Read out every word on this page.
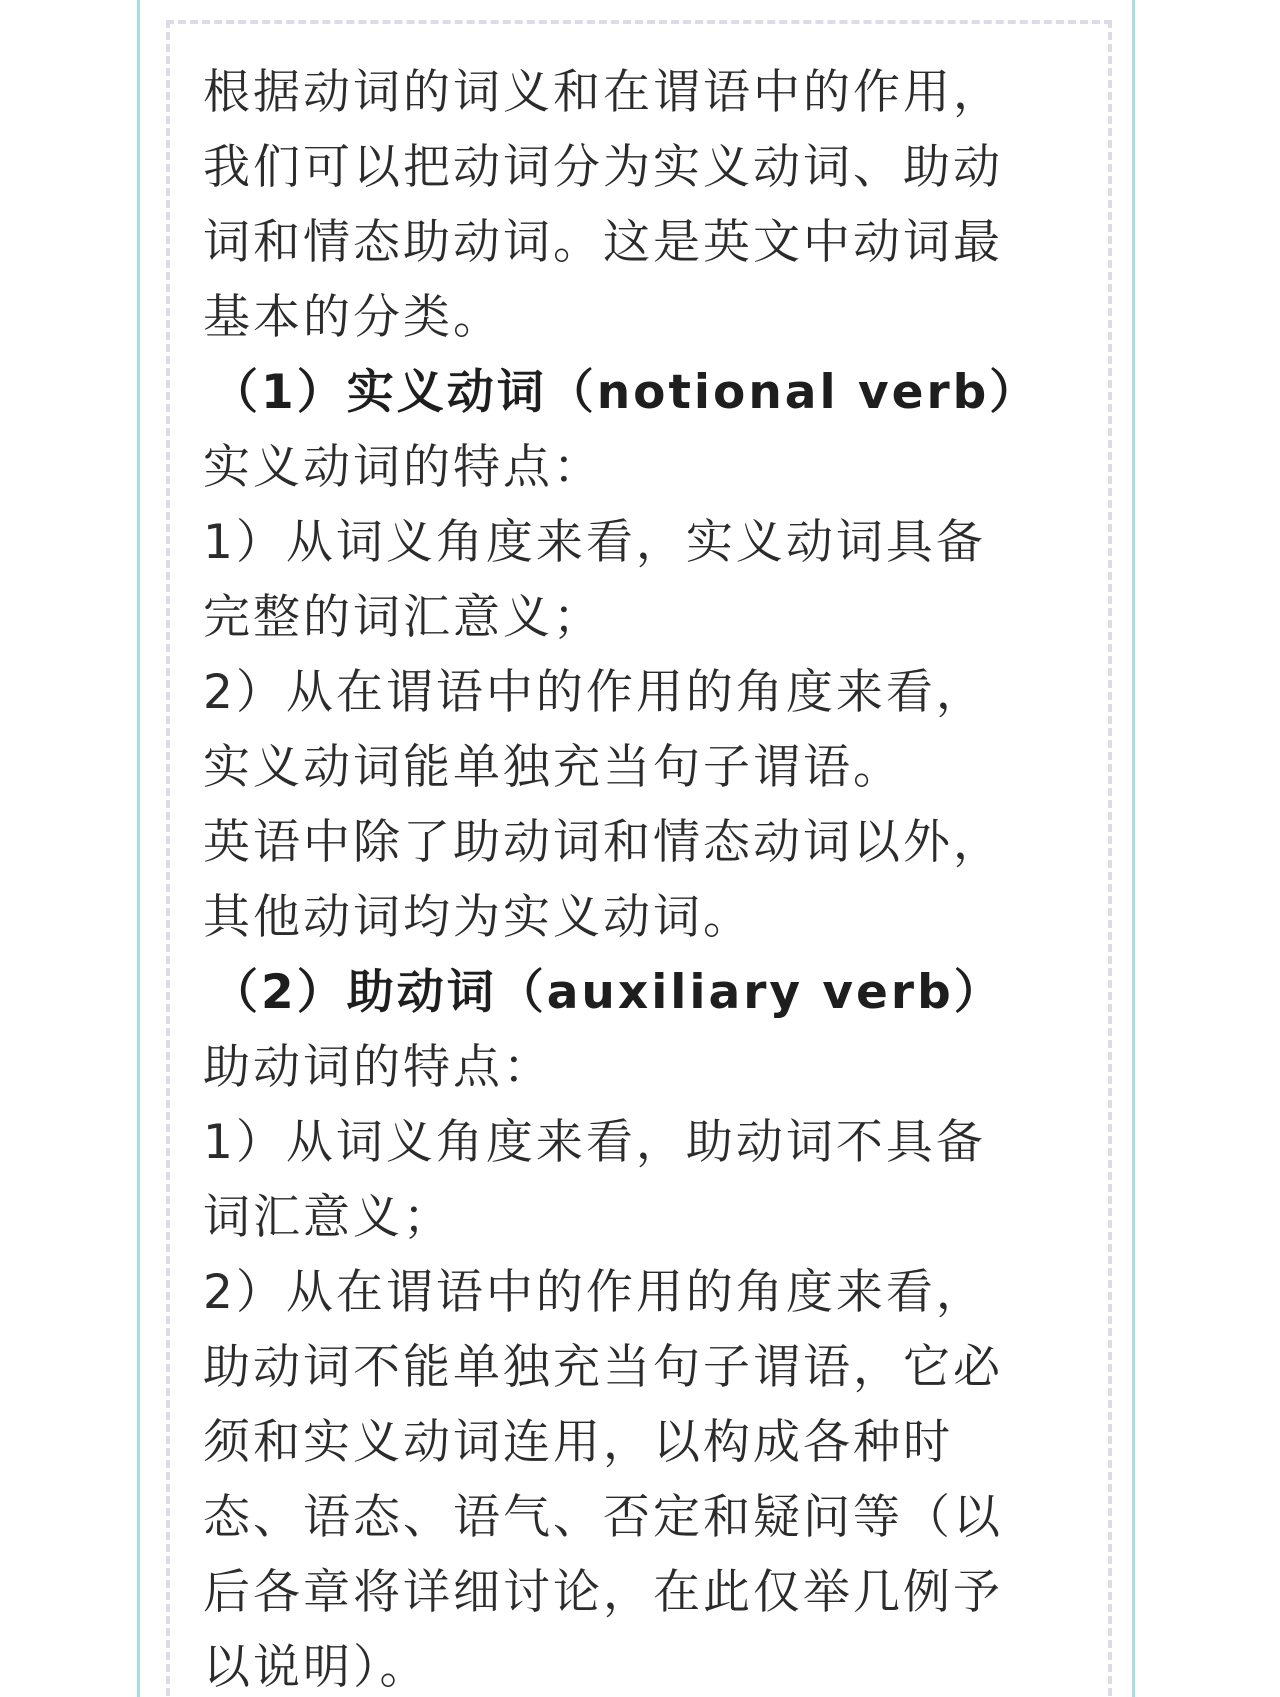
根据动词的词义和在谓语中的作用，
我们可以把动词分为实义动词、助动
词和情态助动词。这是英文中动词最
基本的分类。
（1）实义动词（notional verb）
实义动词的特点：
1）从词义角度来看，实义动词具备
完整的词汇意义；
2）从在谓语中的作用的角度来看，
实义动词能单独充当句子谓语。
英语中除了助动词和情态动词以外，
其他动词均为实义动词。
（2）助动词（auxiliary verb）
助动词的特点：
1）从词义角度来看，助动词不具备
词汇意义；
2）从在谓语中的作用的角度来看，
助动词不能单独充当句子谓语，它必
须和实义动词连用，以构成各种时
态、语态、语气、否定和疑问等（以
后各章将详细讨论，在此仅举几例予
以说明）。
